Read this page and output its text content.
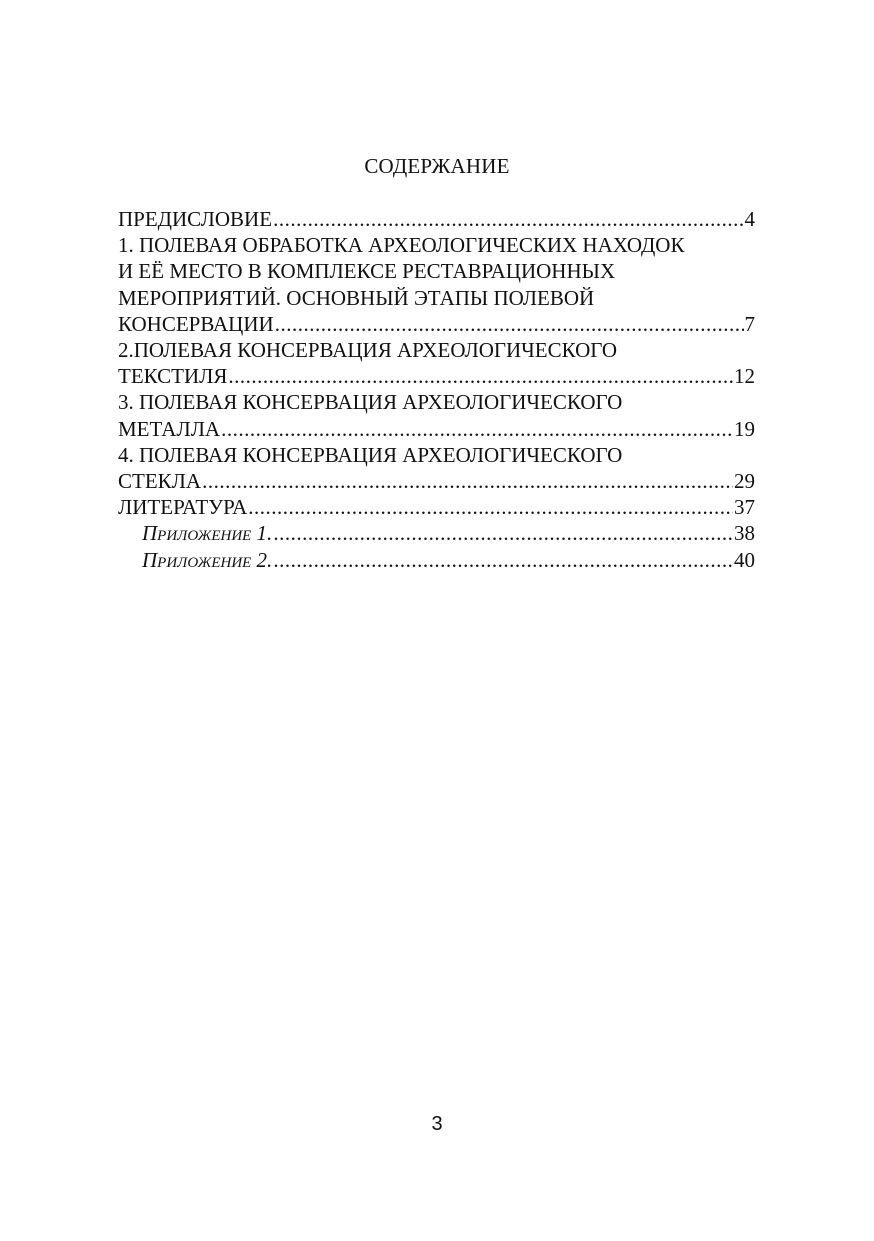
СОДЕРЖАНИЕ
ПРЕДИСЛОВИЕ .....	4
1. ПОЛЕВАЯ ОБРАБОТКА АРХЕОЛОГИЧЕСКИХ НАХОДОК
И ЕЁ МЕСТО В КОМПЛЕКСЕ РЕСТАВРАЦИОННЫХ
МЕРОПРИЯТИЙ. ОСНОВНЫЙ ЭТАПЫ ПОЛЕВОЙ
КОНСЕРВАЦИИ .....	7
2.ПОЛЕВАЯ КОНСЕРВАЦИЯ АРХЕОЛОГИЧЕСКОГО
ТЕКСТИЛЯ .....	12
3. ПОЛЕВАЯ КОНСЕРВАЦИЯ АРХЕОЛОГИЧЕСКОГО
МЕТАЛЛА .....	19
4. ПОЛЕВАЯ КОНСЕРВАЦИЯ АРХЕОЛОГИЧЕСКОГО
СТЕКЛА .....	29
ЛИТЕРАТУРА .....	37
Приложение 1. .....	38
Приложение 2. .....	40
3
